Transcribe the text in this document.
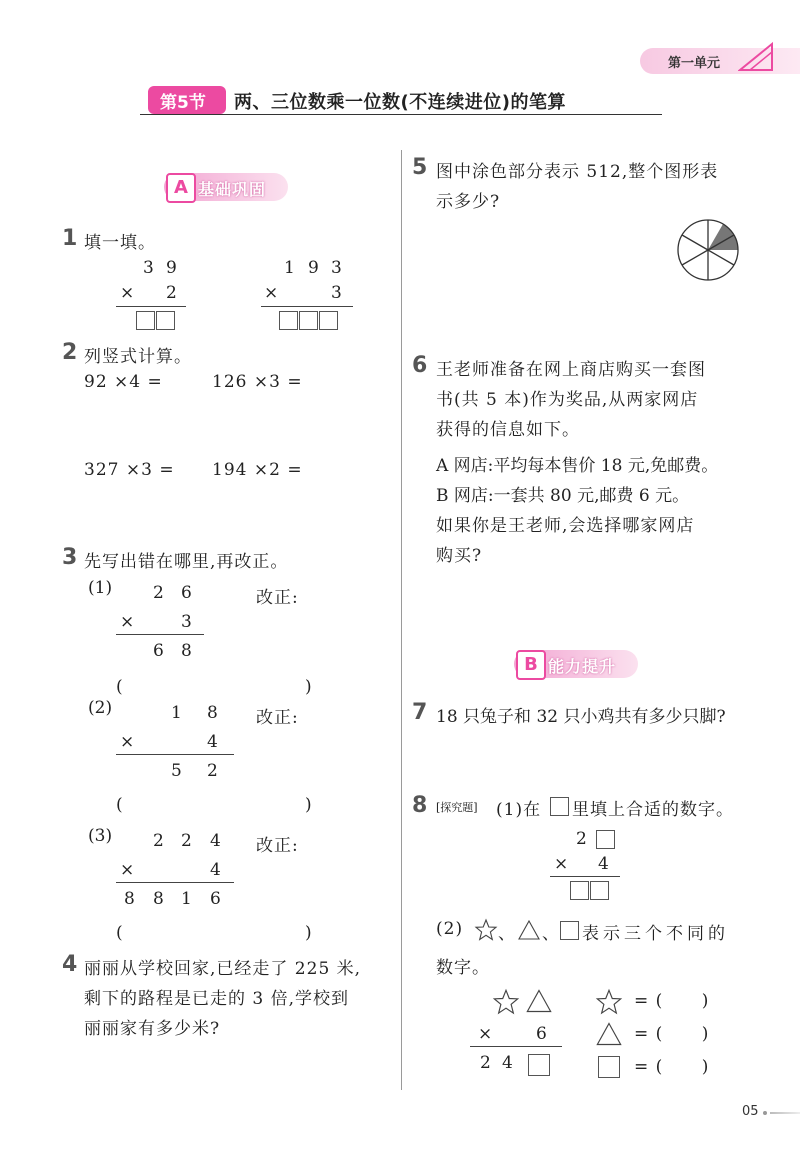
第一单元
第5节 两、三位数乘一位数(不连续进位)的笔算
A 基础巩固
1 填一填。
3 9
× 2
1 9 3
×	3
2 列竖式计算。
92 ×4 =	126 ×3 =
327 ×3 = 194 ×2 =
3 先写出错在哪里,再改正。
(1) 2 6
×	3
6 8
改正:
(	)
(2)	1 8
×	4
5 2
改正:
(	)
(3) 2 2 4
×	4
8 8 1 6
改正:
(	)
4 丽丽从学校回家,已经走了 225 米,
剩下的路程是已走的 3 倍,学校到
丽丽家有多少米?
5 图中涂色部分表示 512,整个图形表
示多少?
6 王老师准备在网上商店购买一套图
书(共 5 本)作为奖品,从两家网店
获得的信息如下。
A 网店:平均每本售价 18 元,免邮费。
B 网店:一套共 80 元,邮费 6 元。
如果你是王老师,会选择哪家网店
购买?
B 能力提升
7 18 只兔子和 32 只小鸡共有多少只脚?
8 [探究题] (1)在 里填上合适的数字。
2
× 4
(2) 、 、 表示三个不同的
数字。
×	6
2 4
= (      )
= (      )
= (      )
05
